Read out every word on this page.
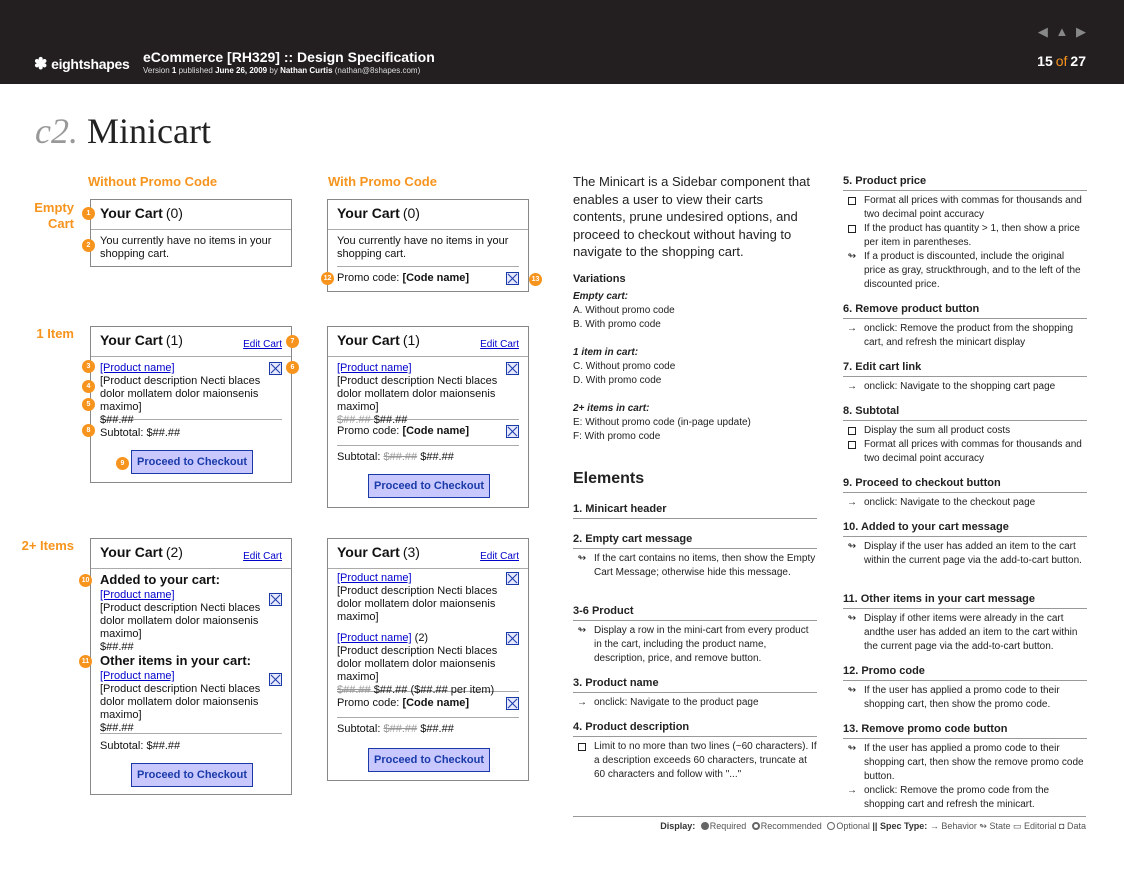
✽ eightshapes eCommerce [RH329] :: Design Specification
Version 1 published June 26, 2009 by Nathan Curtis (nathan@8shapes.com)
◀ ▲ ▶
15 of 27
c2. Minicart
Without Promo Code	With Promo Code
Empty
Cart
1 Item
2+ Items
Your Cart (0)
You currently have no items in your shopping cart.
Your Cart (0)
You currently have no items in your shopping cart.
Promo code: [Code name]
Your Cart (1)	Edit Cart
[Product name]
[Product description Necti blaces dolor mollatem dolor maionsenis maximo]
$##.##
Subtotal: $##.##
Proceed to Checkout
Your Cart (1)	Edit Cart
[Product name]
[Product description Necti blaces dolor mollatem dolor maionsenis maximo]
$##.## $##.##
Promo code: [Code name]
Subtotal: $##.## $##.##
Proceed to Checkout
Your Cart (2)	Edit Cart
Added to your cart:
[Product name]
[Product description Necti blaces dolor mollatem dolor maionsenis maximo]
$##.##
Other items in your cart:
[Product name]
[Product description Necti blaces dolor mollatem dolor maionsenis maximo]
$##.##
Subtotal: $##.##
Proceed to Checkout
Your Cart (3)	Edit Cart
[Product name]
[Product description Necti blaces dolor mollatem dolor maionsenis maximo]
[Product name] (2)
[Product description Necti blaces dolor mollatem dolor maionsenis maximo]
$##.## $##.## ($##.## per item)
Promo code: [Code name]
Subtotal: $##.## $##.##
Proceed to Checkout
1
2
3
4
5
6
7
8
9
10
11
12	13
The Minicart is a Sidebar component that enables a user to view their carts contents, prune undesired options, and proceed to checkout without having to navigate to the shopping cart.
Variations
Empty cart:
A. Without promo code
B. With promo code
1 item in cart:
C. Without promo code
D. With promo code
2+ items in cart:
E: Without promo code (in-page update)
F: With promo code
Elements
1. Minicart header
2. Empty cart message
↬ If the cart contains no items, then show the Empty Cart Message; otherwise hide this message.
3-6 Product
↬ Display a row in the mini-cart from every product in the cart, including the product name, description, price, and remove button.
3. Product name
→ onclick: Navigate to the product page
4. Product description
Limit to no more than two lines (~60 characters). If a description exceeds 60 characters, truncate at 60 characters and follow with "..."
5. Product price
Format all prices with commas for thousands and two decimal point accuracy
If the product has quantity > 1, then show a price per item in parentheses.
↬ If a product is discounted, include the original price as gray, struckthrough, and to the left of the discounted price.
6. Remove product button
→ onclick: Remove the product from the shopping cart, and refresh the minicart display
7. Edit cart link
→ onclick: Navigate to the shopping cart page
8. Subtotal
Display the sum all product costs
Format all prices with commas for thousands and two decimal point accuracy
9. Proceed to checkout button
→ onclick: Navigate to the checkout page
10. Added to your cart message
↬ Display if the user has added an item to the cart within the current page via the add-to-cart button.
11. Other items in your cart message
↬ Display if other items were already in the cart andthe user has added an item to the cart within the current page via the add-to-cart button.
12. Promo code
↬ If the user has applied a promo code to their shopping cart, then show the promo code.
13. Remove promo code button
↬ If the user has applied a promo code to their shopping cart, then show the remove promo code button.
→ onclick: Remove the promo code from the shopping cart and refresh the minicart.
Display: Required Recommended Optional || Spec Type: → Behavior ↬ State ▭ Editorial ◘ Data
